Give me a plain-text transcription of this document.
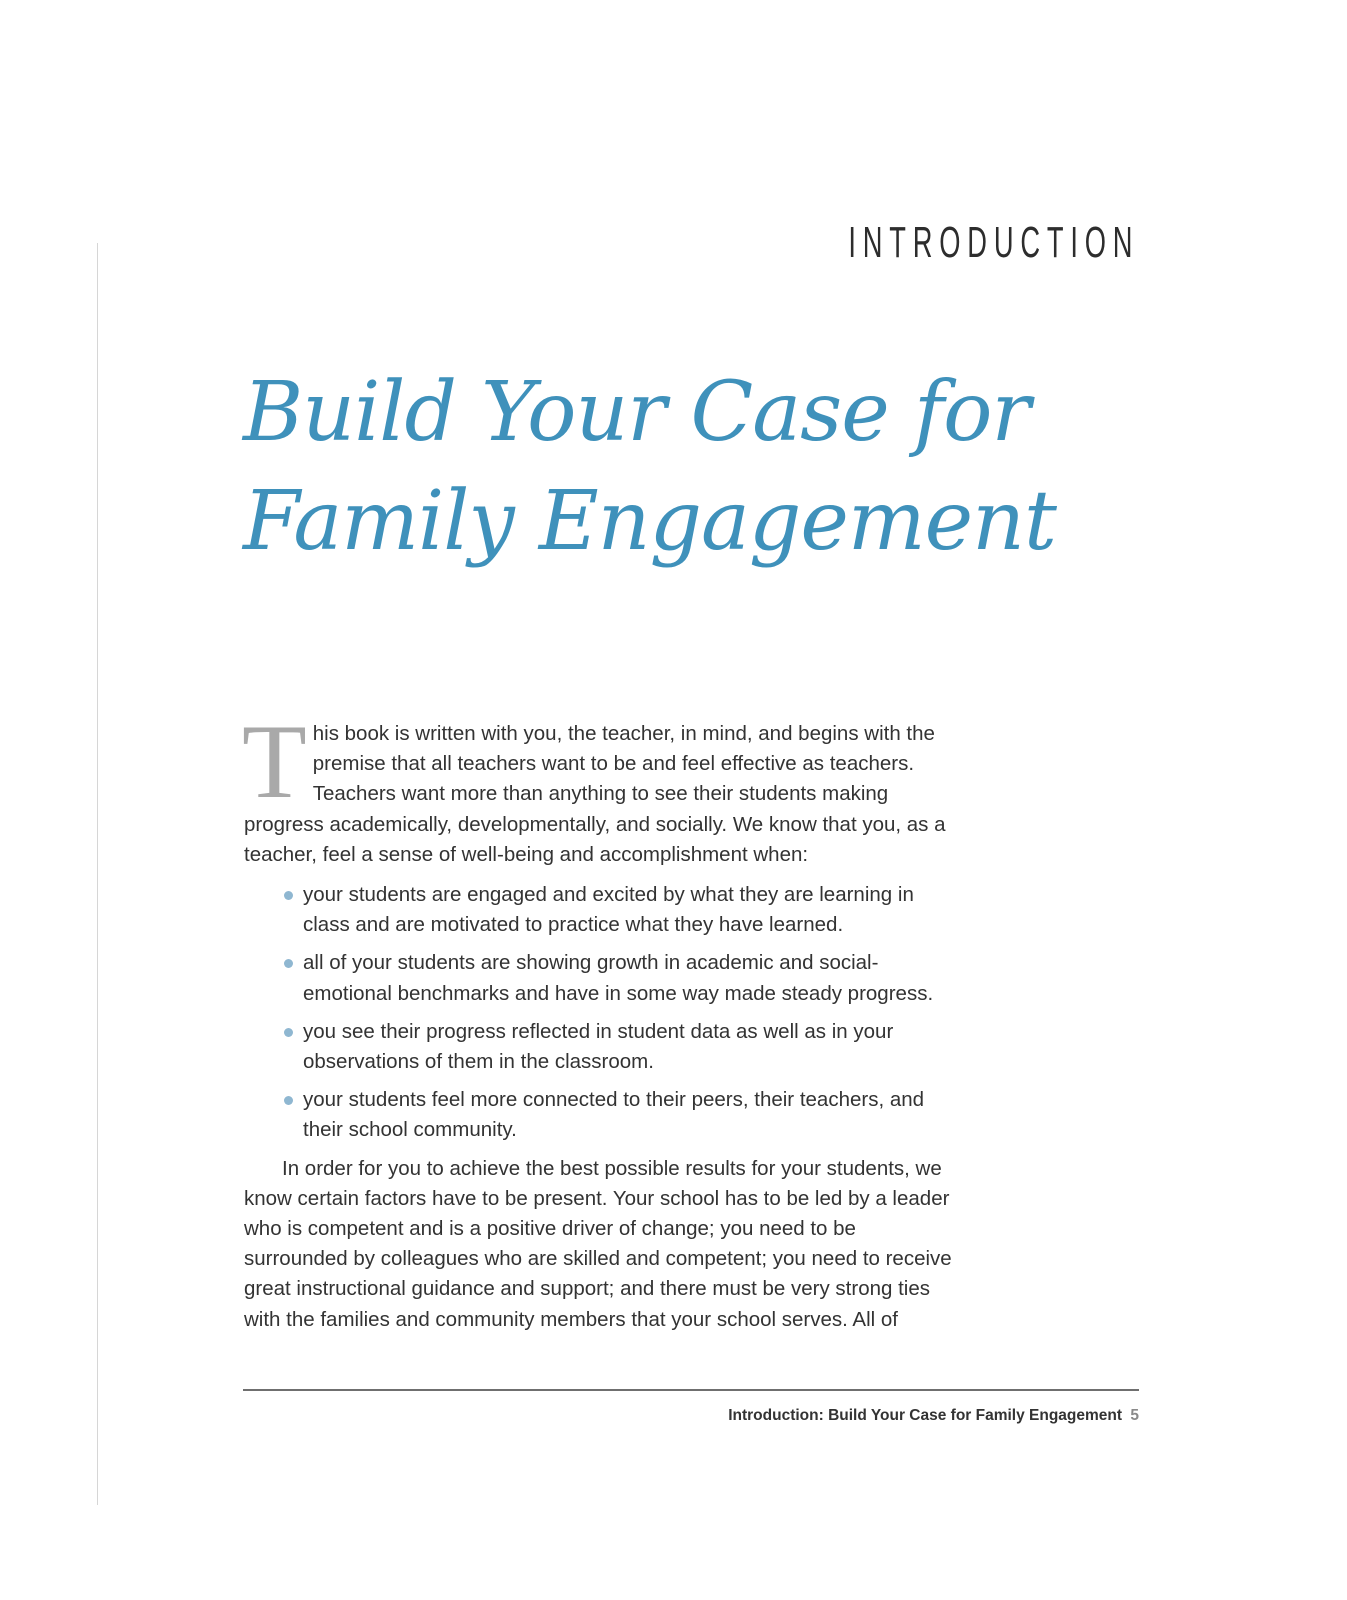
INTRODUCTION
Build Your Case for
Family Engagement

This book is written with you, the teacher, in mind, and begins with the premise that all teachers want to be and feel effective as teachers. Teachers want more than anything to see their students making progress academically, developmentally, and socially. We know that you, as a teacher, feel a sense of well-being and accomplishment when:

your students are engaged and excited by what they are learning in class and are motivated to practice what they have learned.
all of your students are showing growth in academic and social-emotional benchmarks and have in some way made steady progress.
you see their progress reflected in student data as well as in your observations of them in the classroom.
your students feel more connected to their peers, their teachers, and their school community.

In order for you to achieve the best possible results for your students, we know certain factors have to be present. Your school has to be led by a leader who is competent and is a positive driver of change; you need to be surrounded by colleagues who are skilled and competent; you need to receive great instructional guidance and support; and there must be very strong ties with the families and community members that your school serves. All of

Introduction: Build Your Case for Family Engagement 5
